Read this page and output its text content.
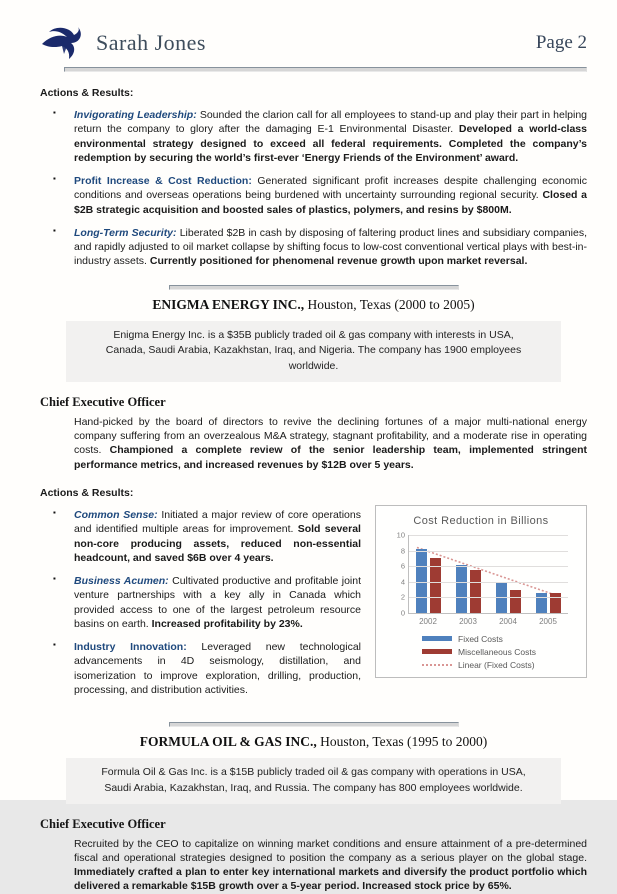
Sarah Jones	Page 2
Actions & Results:
▪ Invigorating Leadership: Sounded the clarion call for all employees to stand-up and play their part in helping return the company to glory after the damaging E-1 Environmental Disaster. Developed a world-class environmental strategy designed to exceed all federal requirements. Completed the company’s redemption by securing the world’s first-ever ‘Energy Friends of the Environment’ award.
▪ Profit Increase & Cost Reduction: Generated significant profit increases despite challenging economic conditions and overseas operations being burdened with uncertainty surrounding regional security. Closed a $2B strategic acquisition and boosted sales of plastics, polymers, and resins by $800M.
▪ Long-Term Security: Liberated $2B in cash by disposing of faltering product lines and subsidiary companies, and rapidly adjusted to oil market collapse by shifting focus to low-cost conventional vertical plays with best-in-industry assets. Currently positioned for phenomenal revenue growth upon market reversal.
ENIGMA ENERGY INC., Houston, Texas (2000 to 2005)
Enigma Energy Inc. is a $35B publicly traded oil & gas company with interests in USA, Canada, Saudi Arabia, Kazakhstan, Iraq, and Nigeria. The company has 1900 employees worldwide.
Chief Executive Officer

Hand-picked by the board of directors to revive the declining fortunes of a major multi-national energy company suffering from an overzealous M&A strategy, stagnant profitability, and a moderate rise in operating costs. Championed a complete review of the senior leadership team, implemented stringent performance metrics, and increased revenues by $12B over 5 years.

Actions & Results:
Cost Reduction in Billions
0
2
4
6
8
10
2002	2003	2004	2005
Fixed Costs
Miscellaneous Costs
Linear (Fixed Costs)
▪ Common Sense: Initiated a major review of core operations and identified multiple areas for improvement. Sold several non-core producing assets, reduced non-essential headcount, and saved $6B over 4 years.
▪ Business Acumen: Cultivated productive and profitable joint venture partnerships with a key ally in Canada which provided access to one of the largest petroleum resource basins on earth. Increased profitability by 23%.
▪ Industry Innovation: Leveraged new technological advancements in 4D seismology, distillation, and isomerization to improve exploration, drilling, production, processing, and distribution activities.
FORMULA OIL & GAS INC., Houston, Texas (1995 to 2000)
Formula Oil & Gas Inc. is a $15B publicly traded oil & gas company with operations in USA, Saudi Arabia, Kazakhstan, Iraq, and Russia. The company has 800 employees worldwide.
Chief Executive Officer

Recruited by the CEO to capitalize on winning market conditions and ensure attainment of a pre-determined fiscal and operational strategies designed to position the company as a serious player on the global stage. Immediately crafted a plan to enter key international markets and diversify the product portfolio which delivered a remarkable $15B growth over a 5-year period. Increased stock price by 65%.
